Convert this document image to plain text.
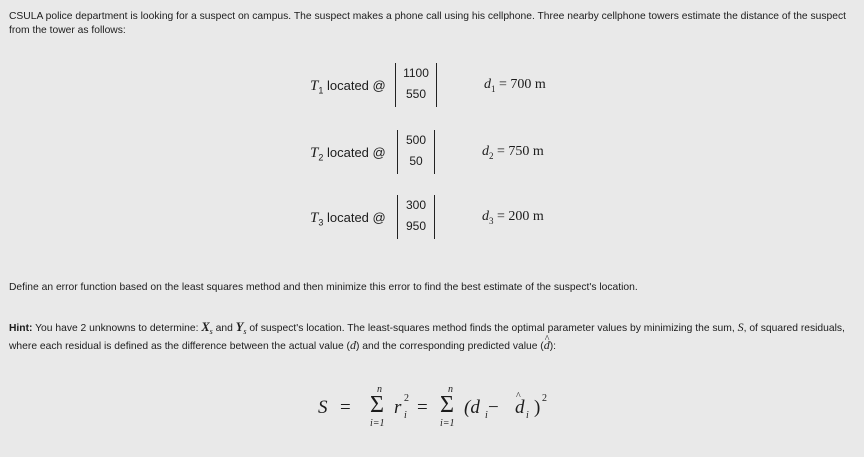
CSULA police department is looking for a suspect on campus. The suspect makes a phone call using his cellphone. Three nearby cellphone towers estimate the distance of the suspect from the tower as follows:
$T_1$ located @
1100
550
$d_1 = 700$ m
$T_2$ located @
500
50
$d_2 = 750$ m
$T_3$ located @
300
950
$d_3 = 200$ m
Define an error function based on the least squares method and then minimize this error to find the best estimate of the suspect's location.
Hint: You have 2 unknowns to determine: $X_s$ and $Y_s$ of suspect's location. The least-squares method finds the optimal parameter values by minimizing the sum, S, of squared residuals, where each residual is defined as the difference between the actual value (d) and the corresponding predicted value (^ d):
S =
n
Σ
i=1
r i
2 =
n
Σ
i=1
(d i −
^ d i ) 2
